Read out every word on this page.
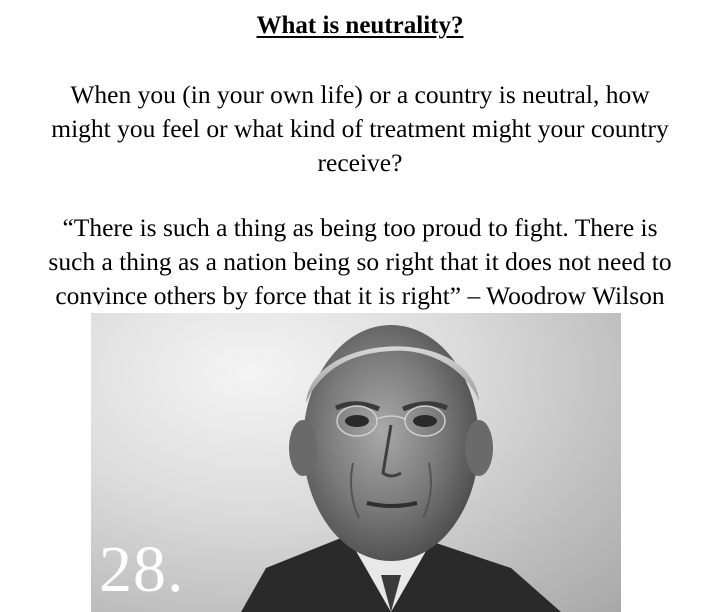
What is neutrality?
When you (in your own life) or a country is neutral, how
might you feel or what kind of treatment might your country
receive?
“There is such a thing as being too proud to fight. There is
such a thing as a nation being so right that it does not need to
convince others by force that it is right” – Woodrow Wilson
28.
